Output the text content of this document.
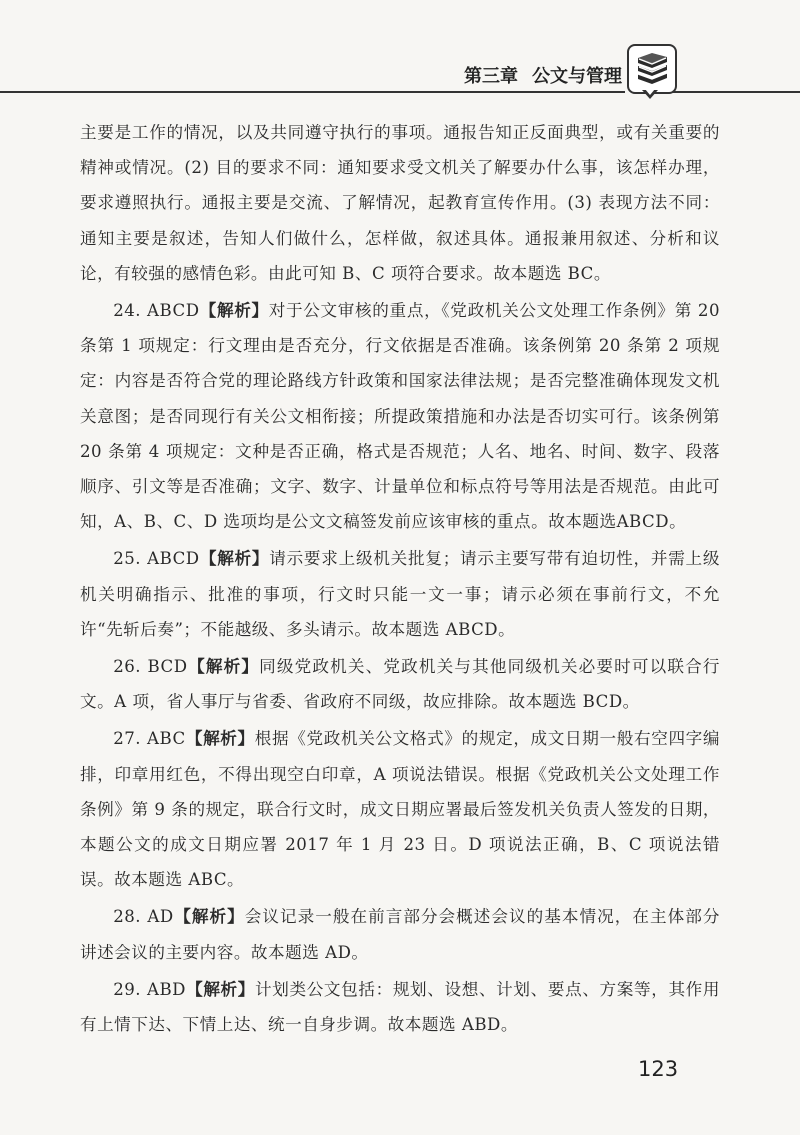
第三章 公文与管理

主要是工作的情况，以及共同遵守执行的事项。通报告知正反面典型，或有关重要的精神或情况。(2) 目的要求不同：通知要求受文机关了解要办什么事，该怎样办理，要求遵照执行。通报主要是交流、了解情况，起教育宣传作用。(3) 表现方法不同：通知主要是叙述，告知人们做什么，怎样做，叙述具体。通报兼用叙述、分析和议论，有较强的感情色彩。由此可知 B、C 项符合要求。故本题选 BC。

24. ABCD【解析】对于公文审核的重点，《党政机关公文处理工作条例》第 20 条第 1 项规定：行文理由是否充分，行文依据是否准确。该条例第 20 条第 2 项规定：内容是否符合党的理论路线方针政策和国家法律法规；是否完整准确体现发文机关意图；是否同现行有关公文相衔接；所提政策措施和办法是否切实可行。该条例第 20 条第 4 项规定：文种是否正确，格式是否规范；人名、地名、时间、数字、段落顺序、引文等是否准确；文字、数字、计量单位和标点符号等用法是否规范。由此可知，A、B、C、D 选项均是公文文稿签发前应该审核的重点。故本题选ABCD。

25. ABCD【解析】请示要求上级机关批复；请示主要写带有迫切性，并需上级机关明确指示、批准的事项，行文时只能一文一事；请示必须在事前行文，不允许“先斩后奏”；不能越级、多头请示。故本题选 ABCD。

26. BCD【解析】同级党政机关、党政机关与其他同级机关必要时可以联合行文。A 项，省人事厅与省委、省政府不同级，故应排除。故本题选 BCD。

27. ABC【解析】根据《党政机关公文格式》的规定，成文日期一般右空四字编排，印章用红色，不得出现空白印章，A 项说法错误。根据《党政机关公文处理工作条例》第 9 条的规定，联合行文时，成文日期应署最后签发机关负责人签发的日期，本题公文的成文日期应署 2017 年 1 月 23 日。D 项说法正确，B、C 项说法错误。故本题选 ABC。

28. AD【解析】会议记录一般在前言部分会概述会议的基本情况，在主体部分讲述会议的主要内容。故本题选 AD。

29. ABD【解析】计划类公文包括：规划、设想、计划、要点、方案等，其作用有上情下达、下情上达、统一自身步调。故本题选 ABD。

123
